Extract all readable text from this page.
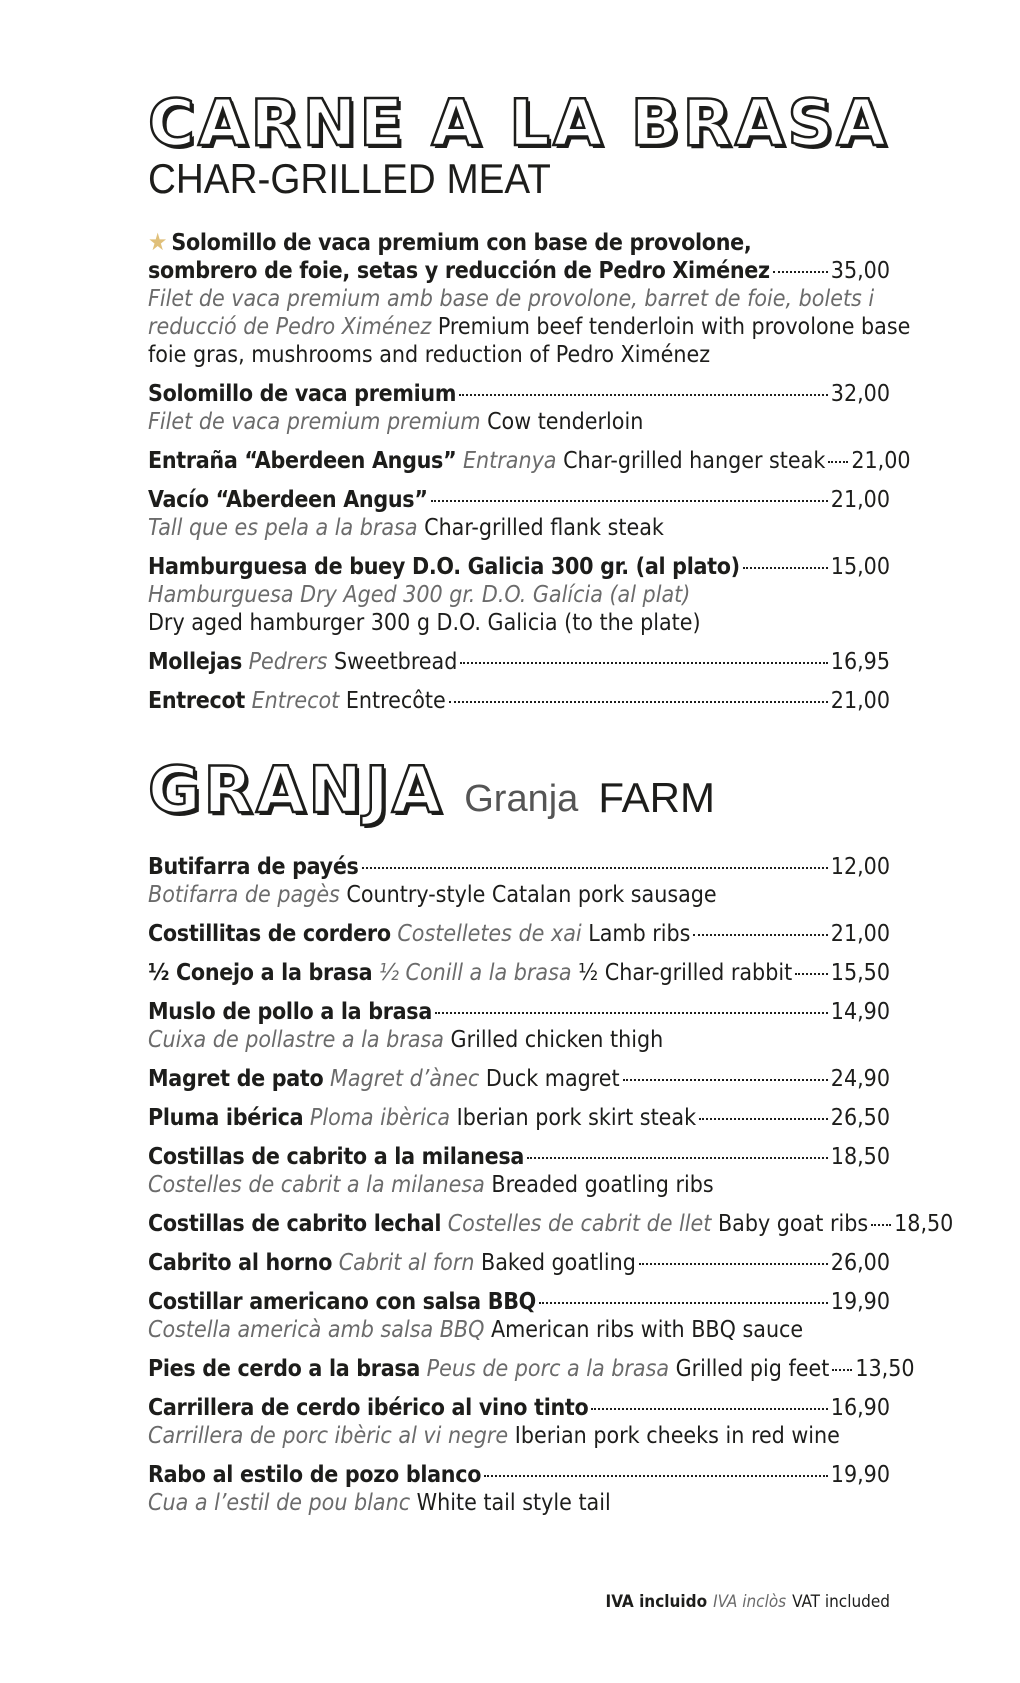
CARNE A LA BRASA
CHAR-GRILLED MEAT
★ Solomillo de vaca premium con base de provolone,
sombrero de foie, setas y reducción de Pedro Ximénez	35,00
Filet de vaca premium amb base de provolone, barret de foie, bolets i
reducció de Pedro Ximénez Premium beef tenderloin with provolone base
foie gras, mushrooms and reduction of Pedro Ximénez
Solomillo de vaca premium	32,00
Filet de vaca premium premium Cow tenderloin
Entraña “Aberdeen Angus” Entranya Char-grilled hanger steak 21,00
Vacío “Aberdeen Angus”	21,00
Tall que es pela a la brasa Char-grilled flank steak
Hamburguesa de buey D.O. Galicia 300 gr. (al plato)	15,00
Hamburguesa Dry Aged 300 gr. D.O. Galícia (al plat)
Dry aged hamburger 300 g D.O. Galicia (to the plate)
Mollejas Pedrers Sweetbread	16,95
Entrecot Entrecot Entrecôte	21,00
GRANJA Granja FARM
Butifarra de payés	12,00
Botifarra de pagès Country-style Catalan pork sausage
Costillitas de cordero Costelletes de xai Lamb ribs	21,00
½ Conejo a la brasa ½ Conill a la brasa ½ Char-grilled rabbit 15,50
Muslo de pollo a la brasa	14,90
Cuixa de pollastre a la brasa Grilled chicken thigh
Magret de pato Magret d’ànec Duck magret	24,90
Pluma ibérica Ploma ibèrica Iberian pork skirt steak	26,50
Costillas de cabrito a la milanesa	18,50
Costelles de cabrit a la milanesa Breaded goatling ribs
Costillas de cabrito lechal Costelles de cabrit de llet Baby goat ribs 18,50
Cabrito al horno Cabrit al forn Baked goatling	26,00
Costillar americano con salsa BBQ	19,90
Costella americà amb salsa BBQ American ribs with BBQ sauce
Pies de cerdo a la brasa Peus de porc a la brasa Grilled pig feet 13,50
Carrillera de cerdo ibérico al vino tinto	16,90
Carrillera de porc ibèric al vi negre Iberian pork cheeks in red wine
Rabo al estilo de pozo blanco	19,90
Cua a l’estil de pou blanc White tail style tail
IVA incluido IVA inclòs VAT included
